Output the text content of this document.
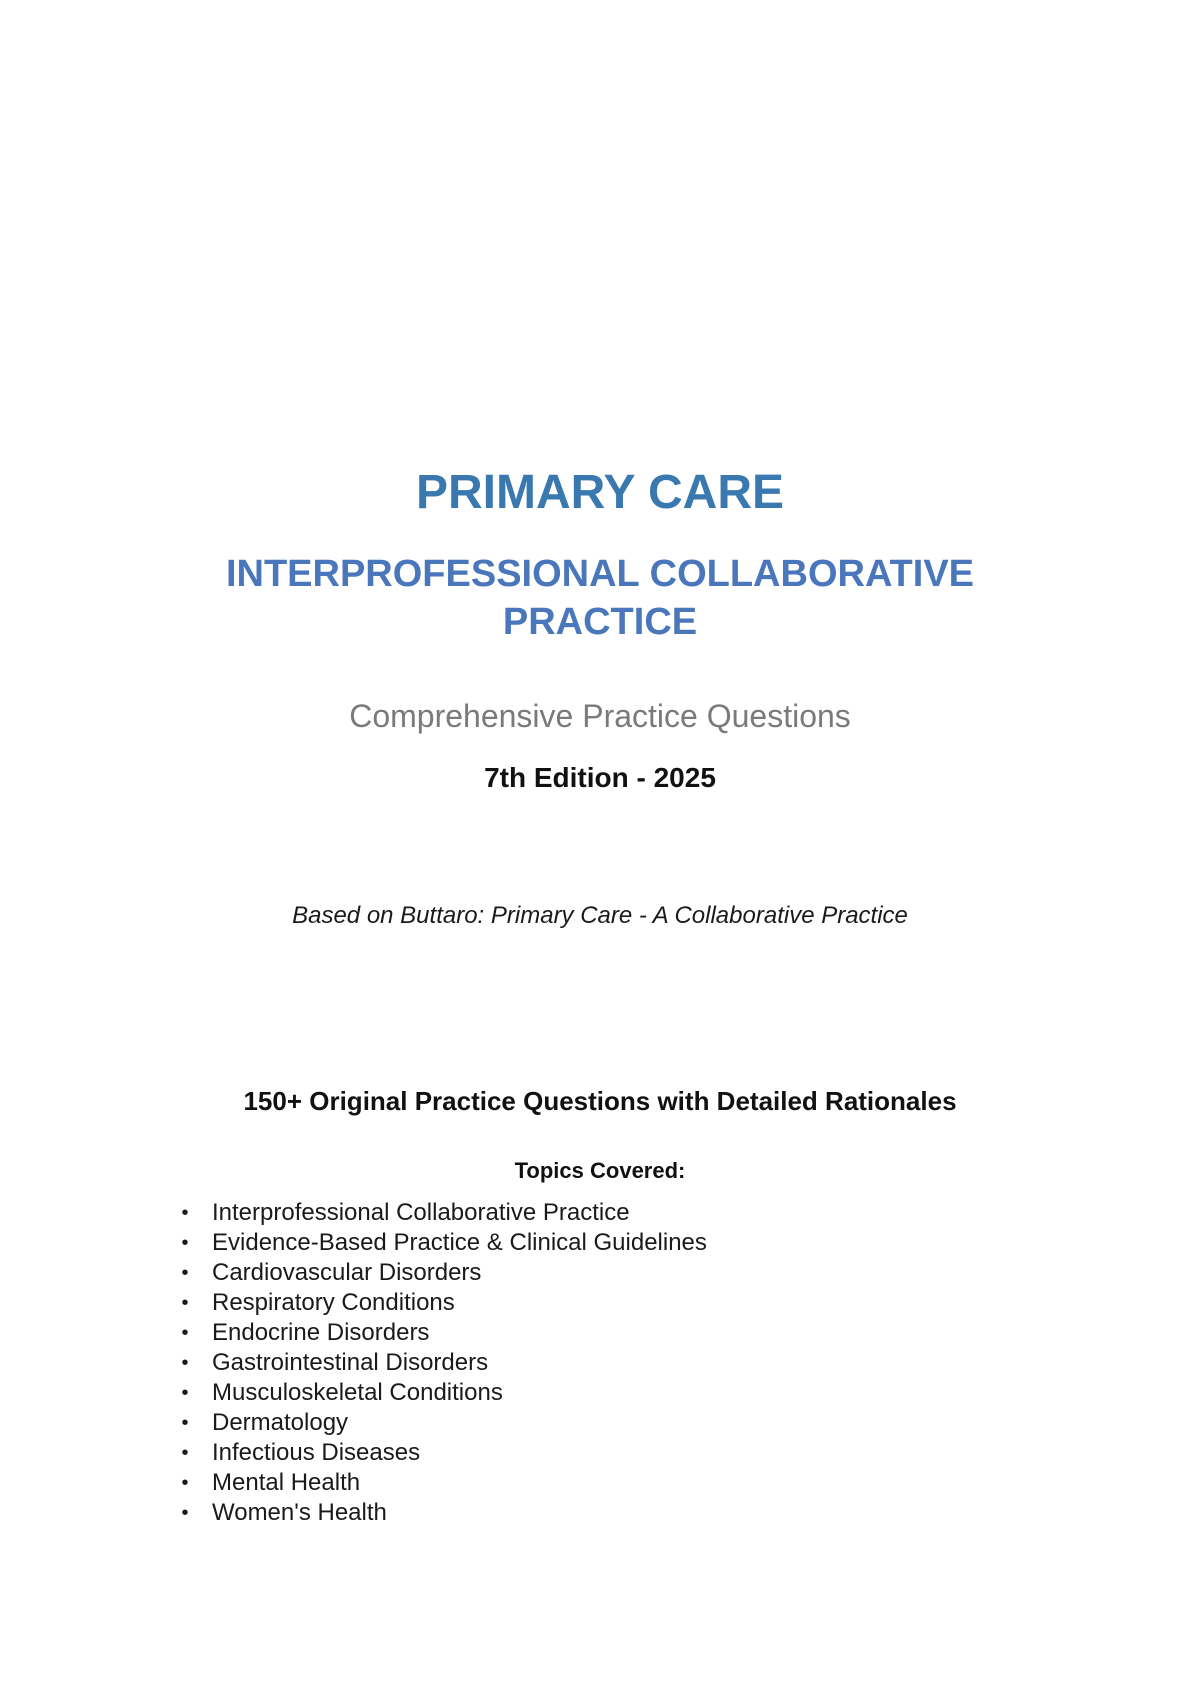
PRIMARY CARE
INTERPROFESSIONAL COLLABORATIVE PRACTICE
Comprehensive Practice Questions
7th Edition - 2025
Based on Buttaro: Primary Care - A Collaborative Practice
150+ Original Practice Questions with Detailed Rationales
Topics Covered:
• Interprofessional Collaborative Practice
• Evidence-Based Practice & Clinical Guidelines
• Cardiovascular Disorders
• Respiratory Conditions
• Endocrine Disorders
• Gastrointestinal Disorders
• Musculoskeletal Conditions
• Dermatology
• Infectious Diseases
• Mental Health
• Women's Health
